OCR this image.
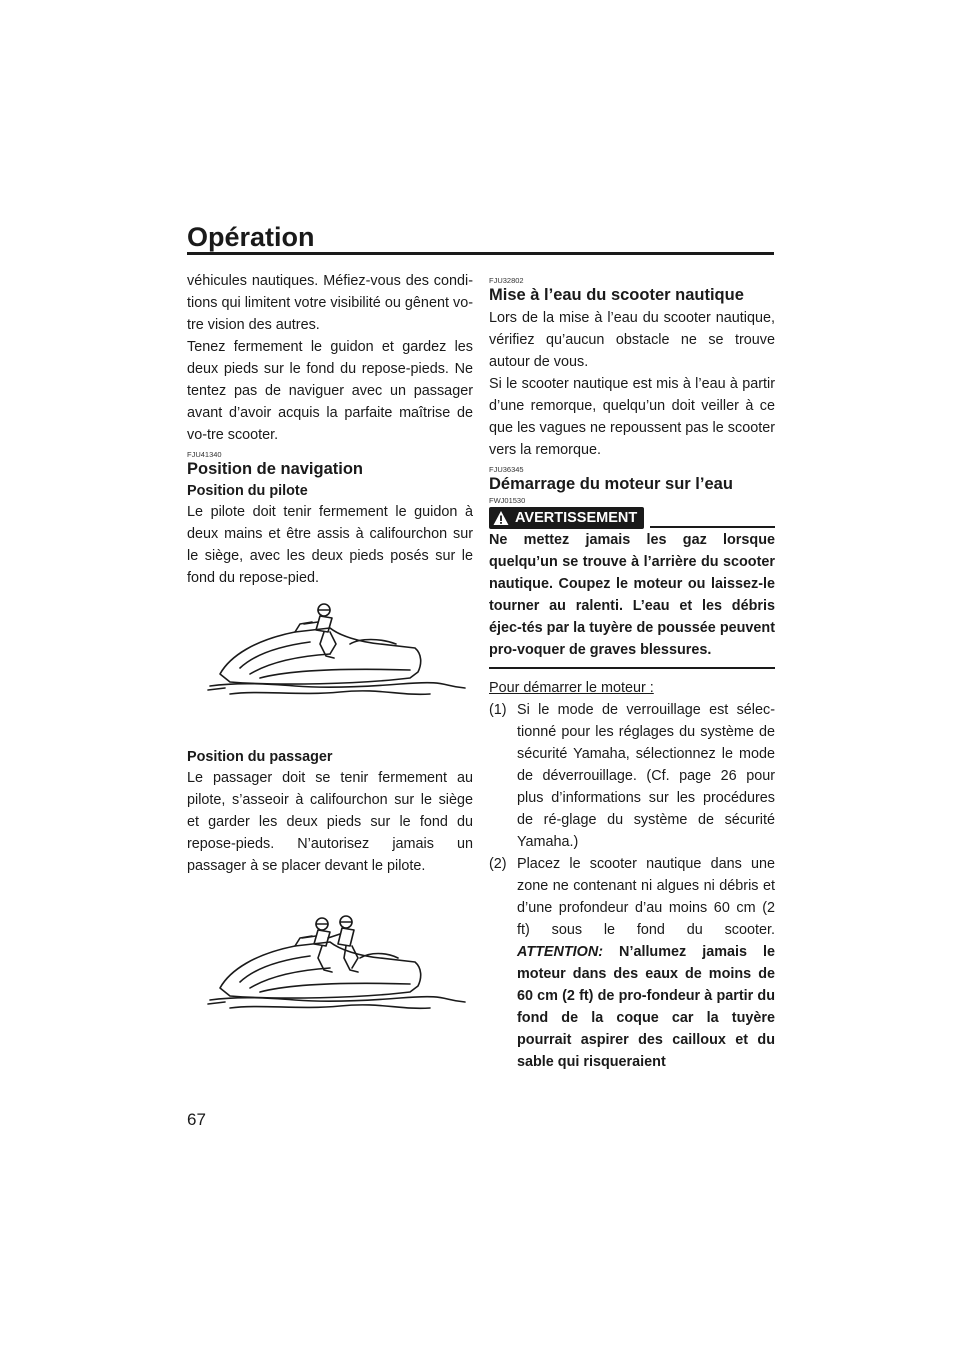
Opération

véhicules nautiques. Méfiez-vous des condi-tions qui limitent votre visibilité ou gênent vo-tre vision des autres.

Tenez fermement le guidon et gardez les deux pieds sur le fond du repose-pieds. Ne tentez pas de naviguer avec un passager avant d’avoir acquis la parfaite maîtrise de vo-tre scooter.

FJU41340
Position de navigation
Position du pilote

Le pilote doit tenir fermement le guidon à deux mains et être assis à califourchon sur le siège, avec les deux pieds posés sur le fond du repose-pied.

Position du passager

Le passager doit se tenir fermement au pilote, s’asseoir à califourchon sur le siège et garder les deux pieds sur le fond du repose-pieds. N’autorisez jamais un passager à se placer devant le pilote.

FJU32802
Mise à l’eau du scooter nautique

Lors de la mise à l’eau du scooter nautique, vérifiez qu’aucun obstacle ne se trouve autour de vous.

Si le scooter nautique est mis à l’eau à partir d’une remorque, quelqu’un doit veiller à ce que les vagues ne repoussent pas le scooter vers la remorque.

FJU36345
Démarrage du moteur sur l’eau
FWJ01530
AVERTISSEMENT

Ne mettez jamais les gaz lorsque quelqu’un se trouve à l’arrière du scooter nautique. Coupez le moteur ou laissez-le tourner au ralenti. L’eau et les débris éjec-tés par la tuyère de poussée peuvent pro-voquer de graves blessures.

Pour démarrer le moteur :

(1) Si le mode de verrouillage est sélec-tionné pour les réglages du système de sécurité Yamaha, sélectionnez le mode de déverrouillage. (Cf. page 26 pour plus d’informations sur les procédures de ré-glage du système de sécurité Yamaha.)
(2) Placez le scooter nautique dans une zone ne contenant ni algues ni débris et d’une profondeur d’au moins 60 cm (2 ft) sous le fond du scooter. ATTENTION: N’allumez jamais le moteur dans des eaux de moins de 60 cm (2 ft) de pro-fondeur à partir du fond de la coque car la tuyère pourrait aspirer des cailloux et du sable qui risqueraient
67
